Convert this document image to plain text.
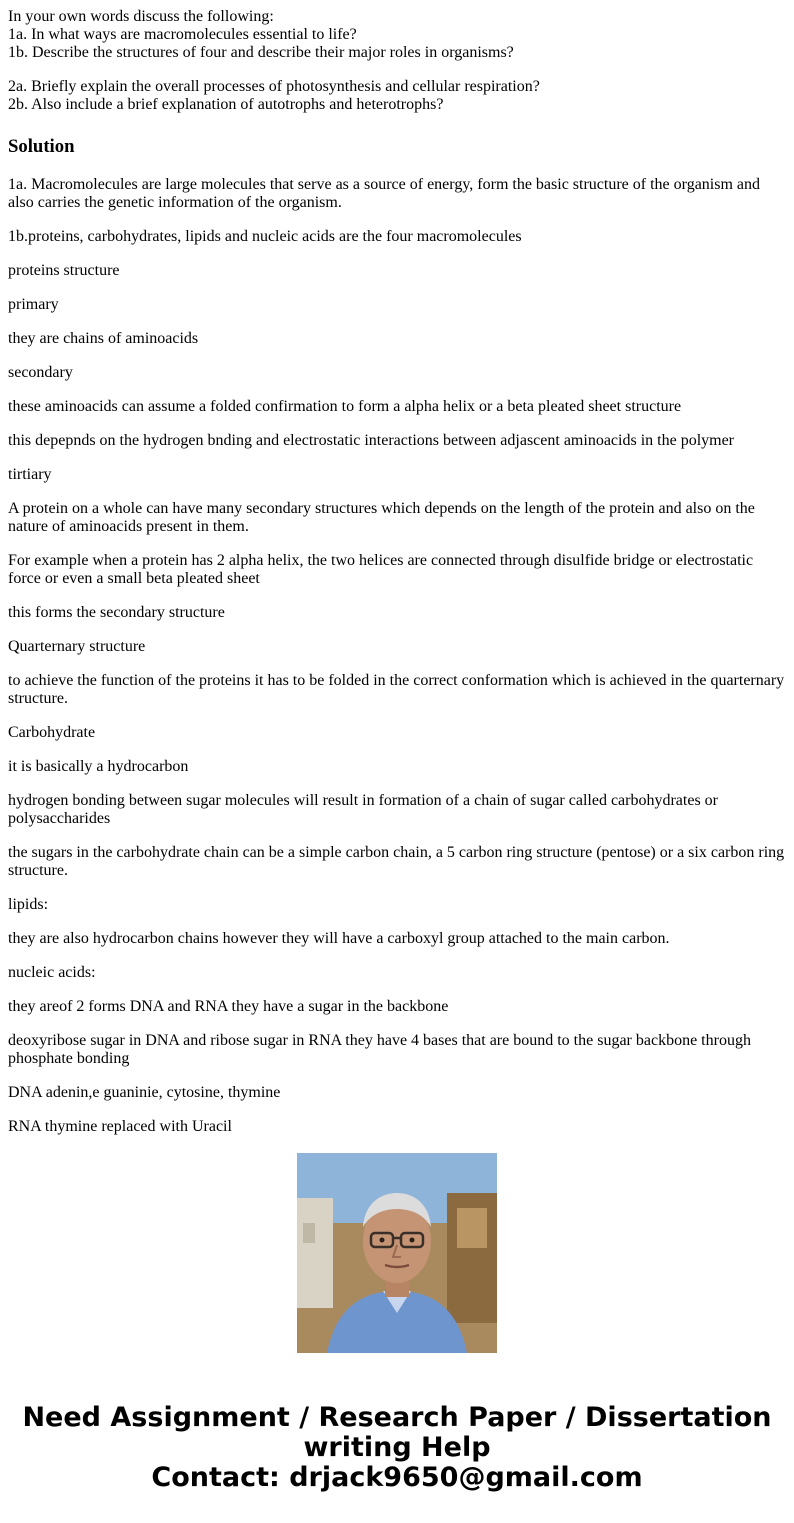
In your own words discuss the following:
1a. In what ways are macromolecules essential to life?
1b. Describe the structures of four and describe their major roles in organisms?
2a. Briefly explain the overall processes of photosynthesis and cellular respiration?
2b. Also include a brief explanation of autotrophs and heterotrophs?
Solution

1a. Macromolecules are large molecules that serve as a source of energy, form the basic structure of the organism and also carries the genetic information of the organism.

1b.proteins, carbohydrates, lipids and nucleic acids are the four macromolecules

proteins structure

primary

they are chains of aminoacids

secondary

these aminoacids can assume a folded confirmation to form a alpha helix or a beta pleated sheet structure

this depepnds on the hydrogen bnding and electrostatic interactions between adjascent aminoacids in the polymer

tirtiary

A protein on a whole can have many secondary structures which depends on the length of the protein and also on the nature of aminoacids present in them.

For example when a protein has 2 alpha helix, the two helices are connected through disulfide bridge or electrostatic force or even a small beta pleated sheet

this forms the secondary structure

Quarternary structure

to achieve the function of the proteins it has to be folded in the correct conformation which is achieved in the quarternary structure.

Carbohydrate

it is basically a hydrocarbon

hydrogen bonding between sugar molecules will result in formation of a chain of sugar called carbohydrates or polysaccharides

the sugars in the carbohydrate chain can be a simple carbon chain, a 5 carbon ring structure (pentose) or a six carbon ring structure.

lipids:

they are also hydrocarbon chains however they will have a carboxyl group attached to the main carbon.

nucleic acids:

they areof 2 forms DNA and RNA they have a sugar in the backbone

deoxyribose sugar in DNA and ribose sugar in RNA they have 4 bases that are bound to the sugar backbone through phosphate bonding

DNA adenin,e guaninie, cytosine, thymine

RNA thymine replaced with Uracil

Need Assignment / Research Paper / Dissertation
writing Help
Contact: drjack9650@gmail.com
